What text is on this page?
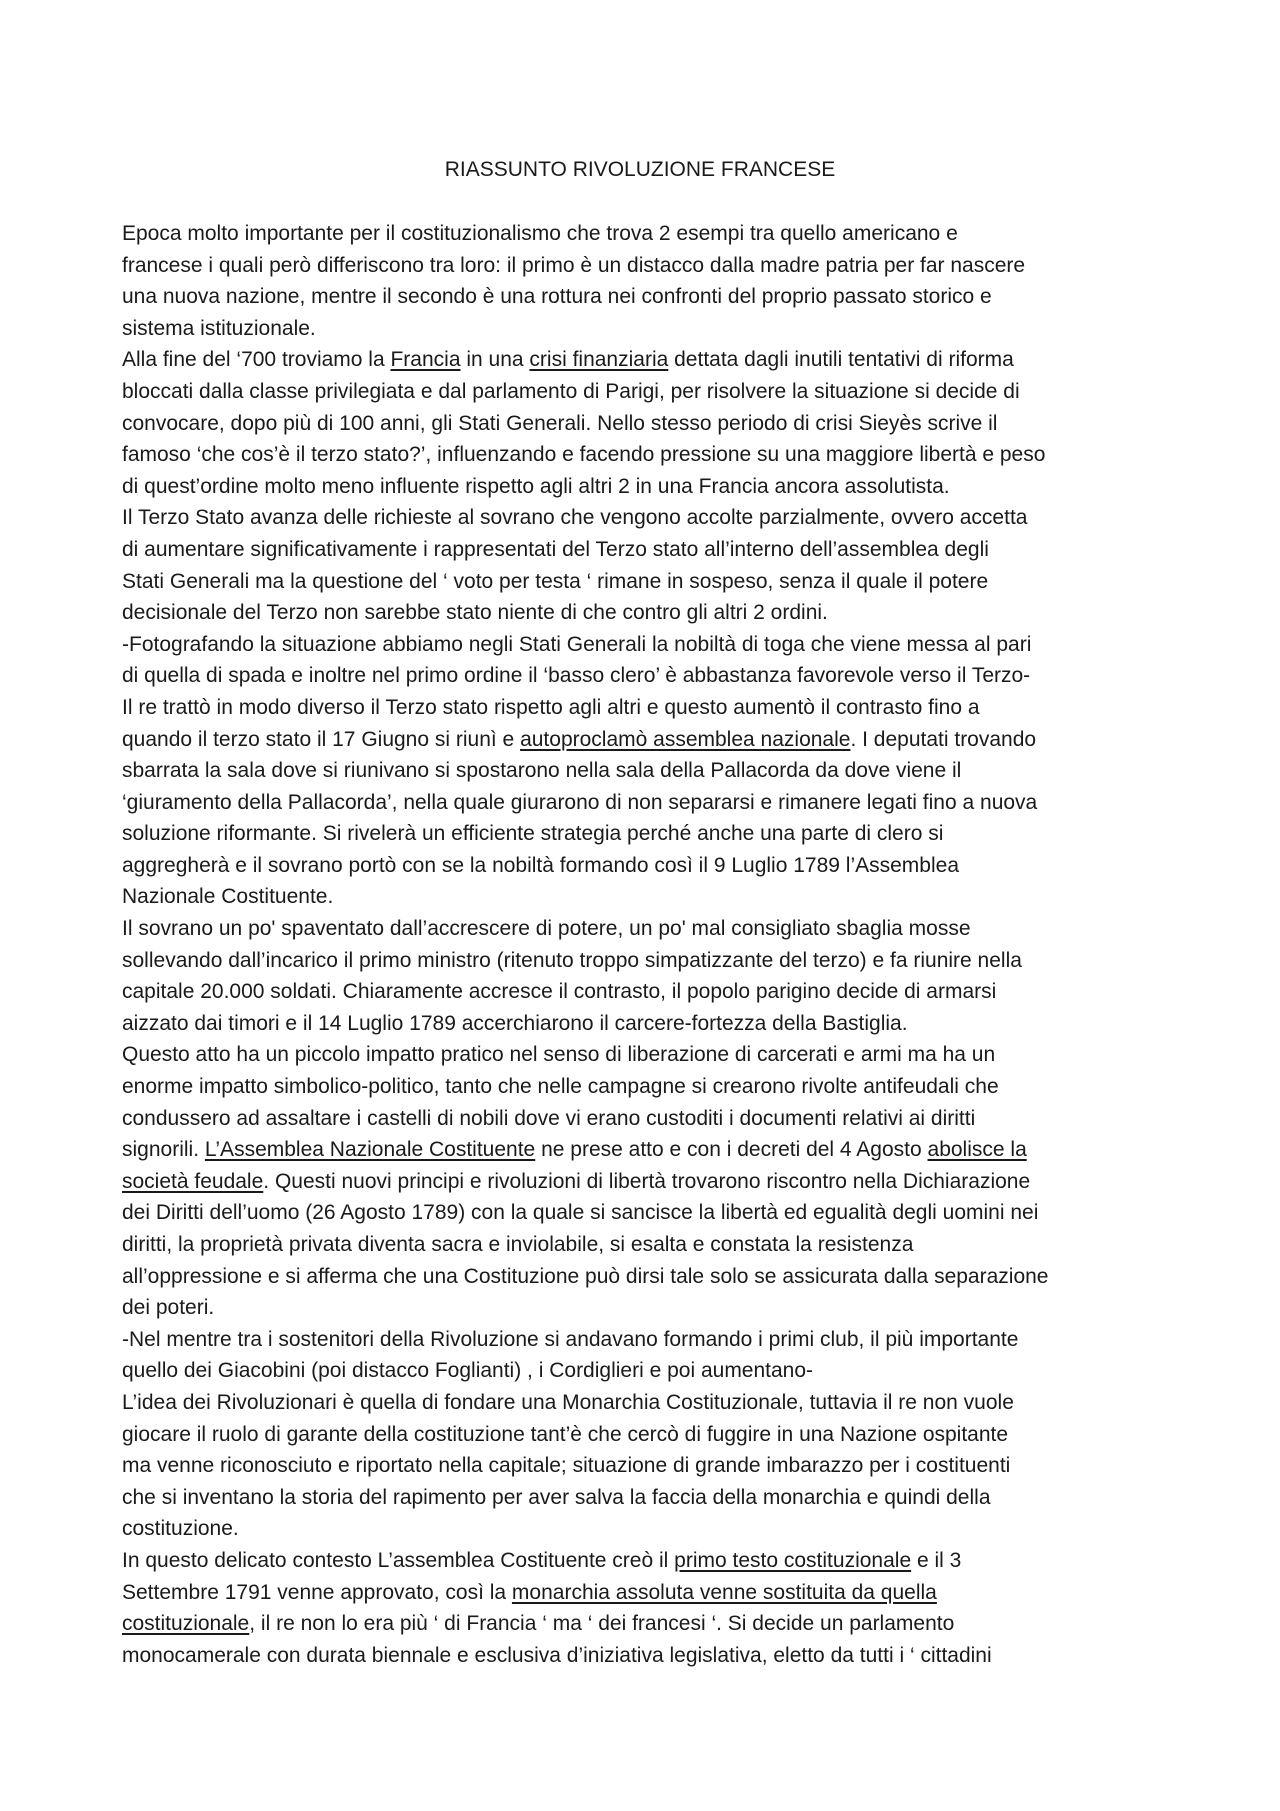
RIASSUNTO RIVOLUZIONE FRANCESE
Epoca molto importante per il costituzionalismo che trova 2 esempi tra quello americano e
francese i quali però differiscono tra loro: il primo è un distacco dalla madre patria per far nascere
una nuova nazione, mentre il secondo è una rottura nei confronti del proprio passato storico e
sistema istituzionale.
Alla fine del ‘700 troviamo la Francia in una crisi finanziaria dettata dagli inutili tentativi di riforma
bloccati dalla classe privilegiata e dal parlamento di Parigi, per risolvere la situazione si decide di
convocare, dopo più di 100 anni, gli Stati Generali. Nello stesso periodo di crisi Sieyès scrive il
famoso ‘che cos’è il terzo stato?’, influenzando e facendo pressione su una maggiore libertà e peso
di quest’ordine molto meno influente rispetto agli altri 2 in una Francia ancora assolutista.
Il Terzo Stato avanza delle richieste al sovrano che vengono accolte parzialmente, ovvero accetta
di aumentare significativamente i rappresentati del Terzo stato all’interno dell’assemblea degli
Stati Generali ma la questione del ‘ voto per testa ‘ rimane in sospeso, senza il quale il potere
decisionale del Terzo non sarebbe stato niente di che contro gli altri 2 ordini.
-Fotografando la situazione abbiamo negli Stati Generali la nobiltà di toga che viene messa al pari
di quella di spada e inoltre nel primo ordine il ‘basso clero’ è abbastanza favorevole verso il Terzo-
Il re trattò in modo diverso il Terzo stato rispetto agli altri e questo aumentò il contrasto fino a
quando il terzo stato il 17 Giugno si riunì e autoproclamò assemblea nazionale. I deputati trovando
sbarrata la sala dove si riunivano si spostarono nella sala della Pallacorda da dove viene il
‘giuramento della Pallacorda’, nella quale giurarono di non separarsi e rimanere legati fino a nuova
soluzione riformante. Si rivelerà un efficiente strategia perché anche una parte di clero si
aggregherà e il sovrano portò con se la nobiltà formando così il 9 Luglio 1789 l’Assemblea
Nazionale Costituente.
Il sovrano un po' spaventato dall’accrescere di potere, un po' mal consigliato sbaglia mosse
sollevando dall’incarico il primo ministro (ritenuto troppo simpatizzante del terzo) e fa riunire nella
capitale 20.000 soldati. Chiaramente accresce il contrasto, il popolo parigino decide di armarsi
aizzato dai timori e il 14 Luglio 1789 accerchiarono il carcere-fortezza della Bastiglia.
Questo atto ha un piccolo impatto pratico nel senso di liberazione di carcerati e armi ma ha un
enorme impatto simbolico-politico, tanto che nelle campagne si crearono rivolte antifeudali che
condussero ad assaltare i castelli di nobili dove vi erano custoditi i documenti relativi ai diritti
signorili. L’Assemblea Nazionale Costituente ne prese atto e con i decreti del 4 Agosto abolisce la
società feudale. Questi nuovi principi e rivoluzioni di libertà trovarono riscontro nella Dichiarazione
dei Diritti dell’uomo (26 Agosto 1789) con la quale si sancisce la libertà ed egualità degli uomini nei
diritti, la proprietà privata diventa sacra e inviolabile, si esalta e constata la resistenza
all’oppressione e si afferma che una Costituzione può dirsi tale solo se assicurata dalla separazione
dei poteri.
-Nel mentre tra i sostenitori della Rivoluzione si andavano formando i primi club, il più importante
quello dei Giacobini (poi distacco Foglianti) , i Cordiglieri e poi aumentano-
L’idea dei Rivoluzionari è quella di fondare una Monarchia Costituzionale, tuttavia il re non vuole
giocare il ruolo di garante della costituzione tant’è che cercò di fuggire in una Nazione ospitante
ma venne riconosciuto e riportato nella capitale; situazione di grande imbarazzo per i costituenti
che si inventano la storia del rapimento per aver salva la faccia della monarchia e quindi della
costituzione.
In questo delicato contesto L’assemblea Costituente creò il primo testo costituzionale e il 3
Settembre 1791 venne approvato, così la monarchia assoluta venne sostituita da quella
costituzionale, il re non lo era più ‘ di Francia ‘ ma ‘ dei francesi ‘. Si decide un parlamento
monocamerale con durata biennale e esclusiva d’iniziativa legislativa, eletto da tutti i ‘ cittadini
